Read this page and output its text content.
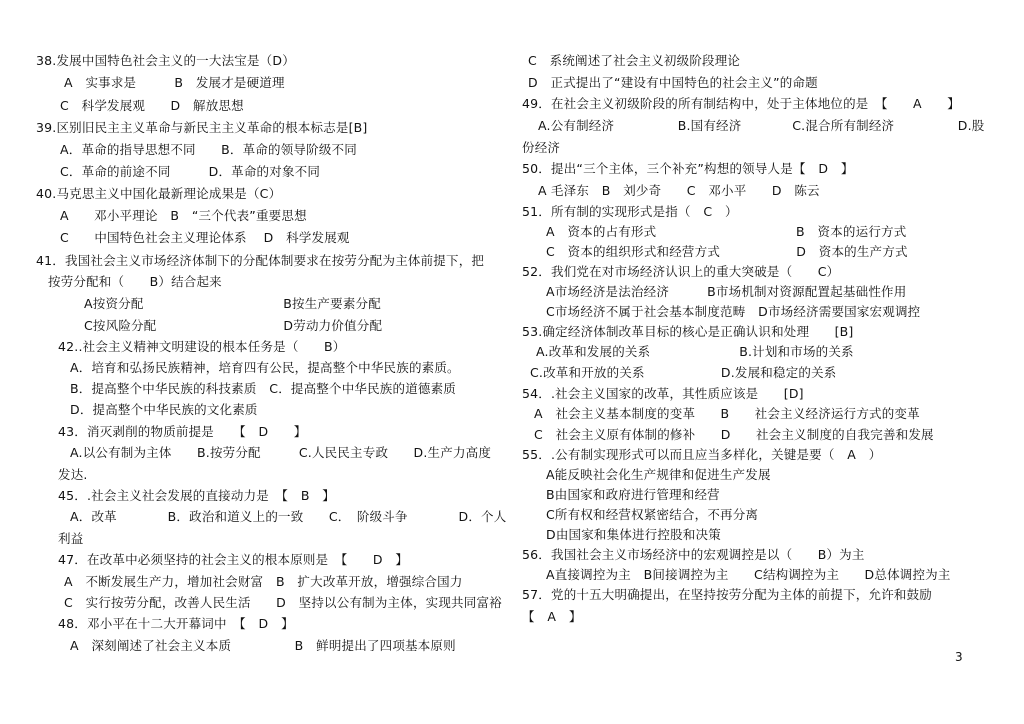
38.发展中国特色社会主义的一大法宝是（D）
A　实事求是　　　B　发展才是硬道理
C　科学发展观　　D　解放思想
39.区别旧民主主义革命与新民主主义革命的根本标志是[B]
A．革命的指导思想不同　　B．革命的领导阶级不同
C．革命的前途不同　　　D．革命的对象不同
40.马克思主义中国化最新理论成果是（C）
A　　邓小平理论　B　“三个代表”重要思想
C　　中国特色社会主义理论体系　 D　科学发展观
41．我国社会主义市场经济体制下的分配体制要求在按劳分配为主体前提下，把
按劳分配和（　　B）结合起来
A按资分配　　　　　　　　　　　B按生产要素分配
C按风险分配　　　　　　　　　　D劳动力价值分配
42..社会主义精神文明建设的根本任务是（　　B）
A．培育和弘扬民族精神，培育四有公民，提高整个中华民族的素质。
B．提高整个中华民族的科技素质　C．提高整个中华民族的道德素质
D．提高整个中华民族的文化素质
43．消灭剥削的物质前提是　　【　D　　】
A.以公有制为主体　　B.按劳分配　　　C.人民民主专政　　D.生产力高度
发达.
45．.社会主义社会发展的直接动力是　【　B　】
A．改革　　　　B．政治和道义上的一致　　C．　阶级斗争　　　　D．个人
利益
47．在改革中必须坚持的社会主义的根本原则是　【　　D　】
A　不断发展生产力，增加社会财富　B　扩大改革开放，增强综合国力
C　实行按劳分配，改善人民生活　　D　坚持以公有制为主体，实现共同富裕
48．邓小平在十二大开幕词中　【　D　】
A　深刻阐述了社会主义本质　　　　　B　鲜明提出了四项基本原则
C　系统阐述了社会主义初级阶段理论
D　正式提出了“建设有中国特色的社会主义”的命题
49．在社会主义初级阶段的所有制结构中，处于主体地位的是　【　　A　　】
A.公有制经济　　　　　B.国有经济　　　　C.混合所有制经济　　　　　D.股
份经济
50．提出“三个主体，三个补充”构想的领导人是【　D　】
A 毛泽东　B　刘少奇　　C　邓小平　　D　陈云
51．所有制的实现形式是指（　C　）
A　资本的占有形式　　　　　　　　　　　B　资本的运行方式
C　资本的组织形式和经营方式　　　　　　D　资本的生产方式
52．我们党在对市场经济认识上的重大突破是（　　C）
A市场经济是法治经济　　　B市场机制对资源配置起基础性作用
C市场经济不属于社会基本制度范畴　D市场经济需要国家宏观调控
53.确定经济体制改革目标的核心是正确认识和处理　　[B]
A.改革和发展的关系　　　　　　　B.计划和市场的关系
C.改革和开放的关系　　　　　　D.发展和稳定的关系
54．.社会主义国家的改革，其性质应该是　　[D]
A　社会主义基本制度的变革　　B　　社会主义经济运行方式的变革
C　社会主义原有体制的修补　　D　　社会主义制度的自我完善和发展
55．.公有制实现形式可以而且应当多样化，关键是要（　A　）
A能反映社会化生产规律和促进生产发展
B由国家和政府进行管理和经营
C所有权和经营权紧密结合，不再分离
D由国家和集体进行控股和决策
56．我国社会主义市场经济中的宏观调控是以（　　B）为主
A直接调控为主　B间接调控为主　　C结构调控为主　　D总体调控为主
57．党的十五大明确提出，在坚持按劳分配为主体的前提下，允许和鼓励
【　A　】
3
